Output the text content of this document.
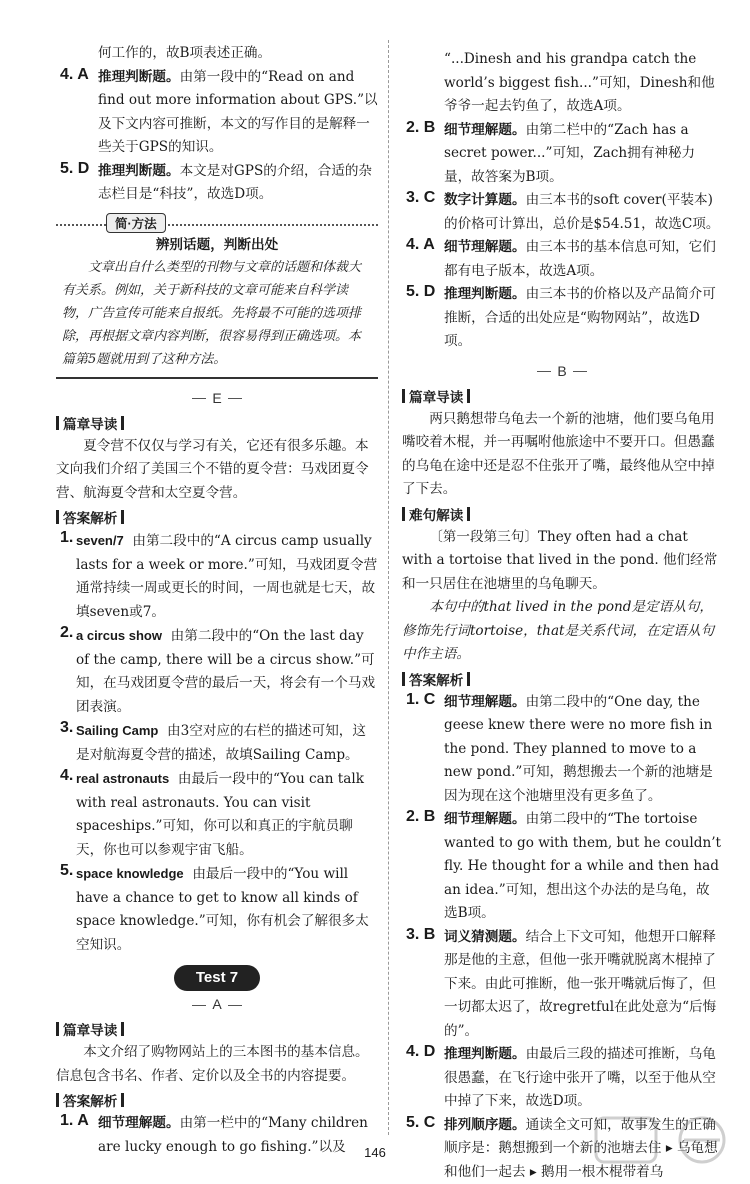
何工作的，故B项表述正确。

4. A 推理判断题。由第一段中的“Read on and find out more information about GPS.”以及下文内容可推断，本文的写作目的是解释一些关于GPS的知识。

5. D 推理判断题。本文是对GPS的介绍，合适的杂志栏目是“科技”，故选D项。

简·方法
辨别话题，判断出处
文章出自什么类型的刊物与文章的话题和体裁大有关系。例如，关于新科技的文章可能来自科学读物，广告宣传可能来自报纸。先将最不可能的选项排除，再根据文章内容判断，很容易得到正确选项。本篇第5题就用到了这种方法。
E
篇章导读

夏令营不仅仅与学习有关，它还有很多乐趣。本文向我们介绍了美国三个不错的夏令营：马戏团夏令营、航海夏令营和太空夏令营。

答案解析
1. seven/7 由第二段中的“A circus camp usually lasts for a week or more.”可知，马戏团夏令营通常持续一周或更长的时间，一周也就是七天，故填seven或7。

2. a circus show 由第二段中的“On the last day of the camp, there will be a circus show.”可知，在马戏团夏令营的最后一天，将会有一个马戏团表演。

3. Sailing Camp 由3空对应的右栏的描述可知，这是对航海夏令营的描述，故填Sailing Camp。

4. real astronauts 由最后一段中的“You can talk with real astronauts. You can visit spaceships.”可知，你可以和真正的宇航员聊天，你也可以参观宇宙飞船。

5. space knowledge 由最后一段中的“You will have a chance to get to know all kinds of space knowledge.”可知，你有机会了解很多太空知识。

Test 7
A
篇章导读

本文介绍了购物网站上的三本图书的基本信息。信息包含书名、作者、定价以及全书的内容提要。

答案解析
1. A 细节理解题。由第一栏中的“Many children are lucky enough to go fishing.”以及

“...Dinesh and his grandpa catch the world’s biggest fish...”可知，Dinesh和他爷爷一起去钓鱼了，故选A项。

2. B 细节理解题。由第二栏中的“Zach has a secret power...”可知，Zach拥有神秘力量，故答案为B项。

3. C 数字计算题。由三本书的soft cover(平装本)的价格可计算出，总价是$54.51，故选C项。

4. A 细节理解题。由三本书的基本信息可知，它们都有电子版本，故选A项。

5. D 推理判断题。由三本书的价格以及产品简介可推断，合适的出处应是“购物网站”，故选D项。

B
篇章导读

两只鹅想带乌龟去一个新的池塘，他们要乌龟用嘴咬着木棍，并一再嘱咐他旅途中不要开口。但愚蠢的乌龟在途中还是忍不住张开了嘴，最终他从空中掉了下去。

难句解读

〔第一段第三句〕They often had a chat with a tortoise that lived in the pond. 他们经常和一只居住在池塘里的乌龟聊天。

本句中的that lived in the pond是定语从句，修饰先行词tortoise，that是关系代词，在定语从句中作主语。

答案解析
1. C 细节理解题。由第二段中的“One day, the geese knew there were no more fish in the pond. They planned to move to a new pond.”可知，鹅想搬去一个新的池塘是因为现在这个池塘里没有更多鱼了。

2. B 细节理解题。由第二段中的“The tortoise wanted to go with them, but he couldn’t fly. He thought for a while and then had an idea.”可知，想出这个办法的是乌龟，故选B项。

3. B 词义猜测题。结合上下文可知，他想开口解释那是他的主意，但他一张开嘴就脱离木棍掉了下来。由此可推断，他一张开嘴就后悔了，但一切都太迟了，故regretful在此处意为“后悔的”。

4. D 推理判断题。由最后三段的描述可推断，乌龟很愚蠢，在飞行途中张开了嘴，以至于他从空中掉了下来，故选D项。

5. C 排列顺序题。通读全文可知，故事发生的正确顺序是：鹅想搬到一个新的池塘去住 ▸ 乌龟想和他们一起去 ▸ 鹅用一根木棍带着乌

146
